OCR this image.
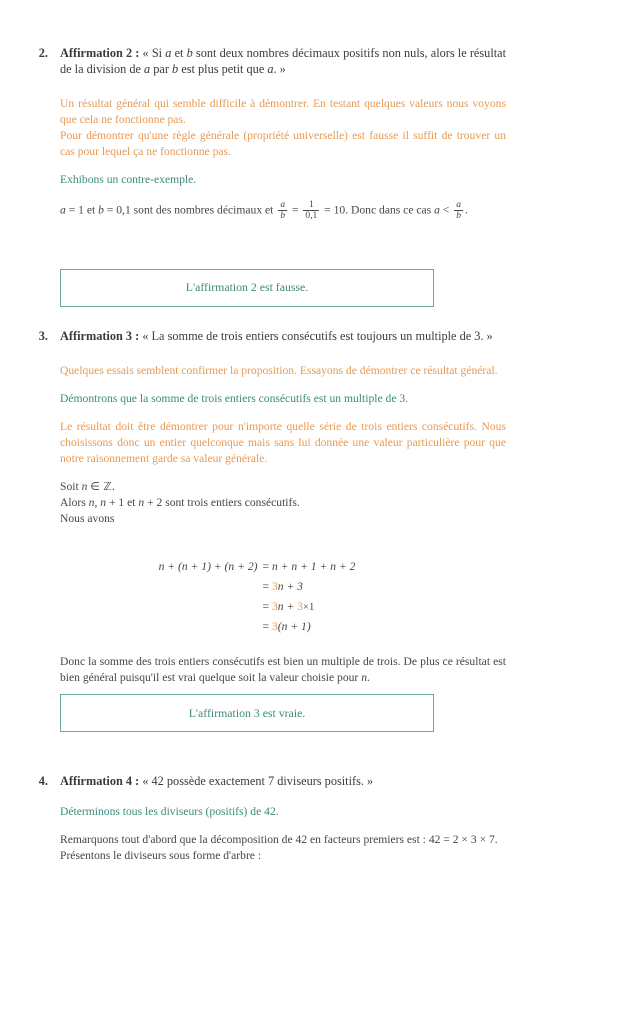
2. Affirmation 2 : « Si a et b sont deux nombres décimaux positifs non nuls, alors le résultat de la division de a par b est plus petit que a. »
Un résultat général qui semble difficile à démontrer. En testant quelques valeurs nous voyons que cela ne fonctionne pas.
Pour démontrer qu'une règle générale (propriété universelle) est fausse il suffit de trouver un cas pour lequel ça ne fonctionne pas.
Exhibons un contre-exemple.
a = 1 et b = 0,1 sont des nombres décimaux et $\frac{a}{b} = \frac{1}{0,1} = 10$. Donc dans ce cas $a < \frac{a}{b}$ .
L'affirmation 2 est fausse.
3. Affirmation 3 : « La somme de trois entiers consécutifs est toujours un multiple de 3. »
Quelques essais semblent confirmer la proposition. Essayons de démontrer ce résultat général.
Démontrons que la somme de trois entiers consécutifs est un multiple de 3.
Le résultat doit être démontrer pour n'importe quelle série de trois entiers consécutifs. Nous choisissons donc un entier quelconque mais sans lui donnée une valeur particulière pour que notre raisonnement garde sa valeur générale.
Soit n ∈ ℤ.
Alors n, n + 1 et n + 2 sont trois entiers consécutifs.
Nous avons
n + (n + 1) + (n + 2) = n + n + 1 + n + 2
= 3n + 3
= 3n + 3×1
= 3(n + 1)
Donc la somme des trois entiers consécutifs est bien un multiple de trois. De plus ce résultat est bien général puisqu'il est vrai quelque soit la valeur choisie pour n.
L'affirmation 3 est vraie.
4. Affirmation 4 : « 42 possède exactement 7 diviseurs positifs. »
Déterminons tous les diviseurs (positifs) de 42.
Remarquons tout d'abord que la décomposition de 42 en facteurs premiers est : 42 = 2 × 3 × 7.
Présentons le diviseurs sous forme d'arbre :
